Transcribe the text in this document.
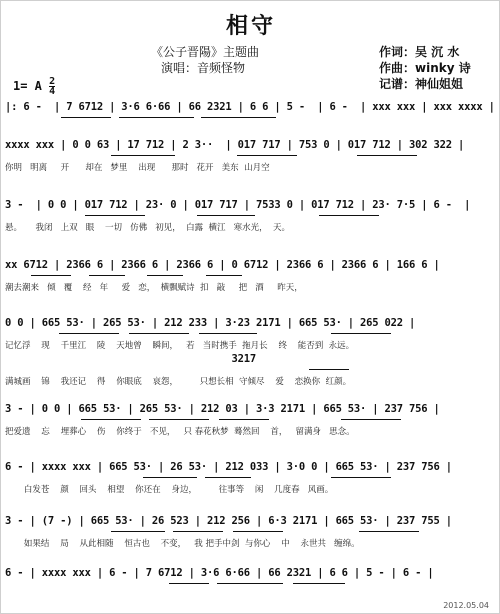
相守
《公子晋陽》主题曲
演唱：音频怪物
作词：吴 沉 水
作曲：winky 诗
记谱：神仙姐姐
1= A $\frac{2}{4}$
|: 6 -  | 7 6712 | 3·6 6·66 | 66 2321 | 6 6 | 5 -  | 6 -  | xxx xxx | xxx xxxx |
xxxx xxx | 0 0 63 | 17 712 | 2 3··  | 017 717 | 753 0 | 017 712 | 302 322 |
你明   明离     开      却在   梦里    出现      那时   花开   美东  山月空
3 -  | 0 0 | 017 712 | 23· 0 | 017 717 | 7533 0 | 017 712 | 23· 7·5 | 6 -  |
悬。     我闭   上双   眼    一切   仿佛   初见，  白露  横江   寒水光，  天。
xx 6712 | 2366 6 | 2366 6 | 2366 6 | 0 6712 | 2366 6 | 2366 6 | 166 6 |
潮去潮来   倾   覆    经   年     爱   恋，  横飘赋诗  扣   敲     把   酒     昨天，
0 0 | 665 53· | 265 53· | 212 233 | 3·23 2171 | 665 53· | 265 022 |
记忆浮    现    千里江    陵    天地曾    瞬间，   若   当时携手  拖月长    终    能否到  永远。
3217
满城画    锦    我还记    得    你眼底    哀怨，        只想长相  守倾尽    爱    恋换你  红颜。
3 - | 0 0 | 665 53· | 265 53· | 212 03 | 3·3 2171 | 665 53· | 237 756 |
把爱遗    忘    埋葬心    伤    你终于   不见，   只 春花秋梦  蓦然回    首，   留满身   思念。
6 - | xxxx xxx | 665 53· | 26 53· | 212 033 | 3·0 0 | 665 53· | 237 756 |
白发苍    颜    回头    相望    你还在    身边，        往事等    闲    几度春   风画。
3 - | (7 -) | 665 53· | 26 523 | 212 256 | 6·3 2171 | 665 53· | 237 755 |
如果结    局    从此相随    恒古也    不变，   我 把手中剑  与你心    中    永世共   缠绵。
6 - | xxxx xxx | 6 - | 7 6712 | 3·6 6·66 | 66 2321 | 6 6 | 5 - | 6 - |
2012.05.04
